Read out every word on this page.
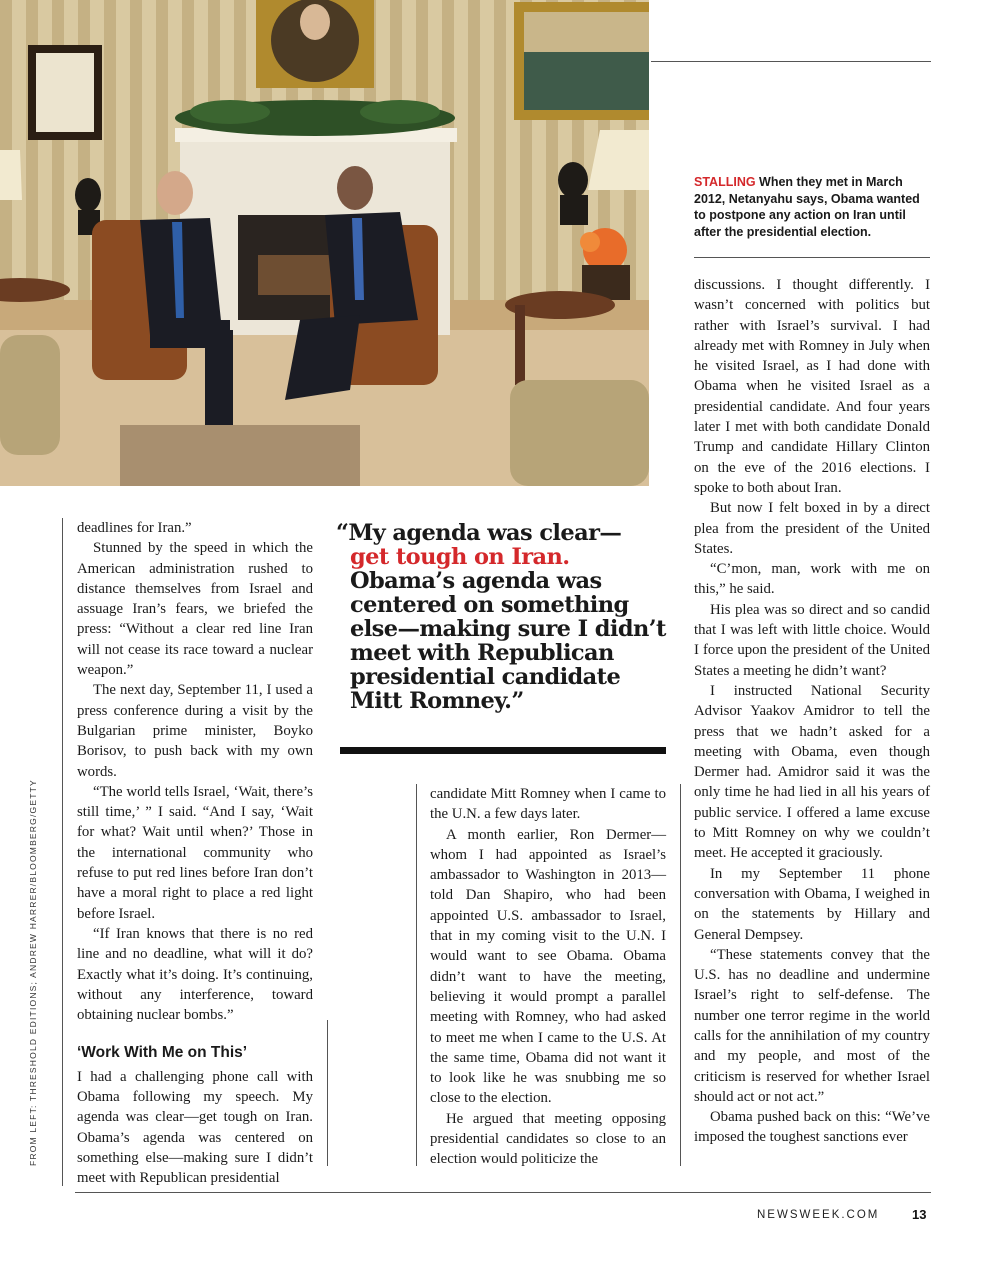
STALLING When they met in March 2012, Netanyahu says, Obama wanted to postpone any action on Iran until after the presidential election.

deadlines for Iran.”

Stunned by the speed in which the American administration rushed to distance themselves from Israel and assuage Iran’s fears, we briefed the press: “Without a clear red line Iran will not cease its race toward a nuclear weapon.”

The next day, September 11, I used a press conference during a visit by the Bulgarian prime minister, Boyko Borisov, to push back with my own words.

“The world tells Israel, ‘Wait, there’s still time,’ ” I said. “And I say, ‘Wait for what? Wait until when?’ Those in the international community who refuse to put red lines before Iran don’t have a moral right to place a red light before Israel.

“If Iran knows that there is no red line and no deadline, what will it do? Exactly what it’s doing. It’s continuing, without any interference, toward obtaining nuclear bombs.”

‘Work With Me on This’

I had a challenging phone call with Obama following my speech. My agenda was clear—get tough on Iran. Obama’s agenda was centered on something else—making sure I didn’t meet with Republican presidential

“My agenda was clear—
get tough on Iran.
Obama’s agenda was centered on something else—making sure I didn’t meet with Republican presidential candidate Mitt Romney.”

candidate Mitt Romney when I came to the U.N. a few days later.

A month earlier, Ron Dermer—whom I had appointed as Israel’s ambassador to Washington in 2013—told Dan Shapiro, who had been appointed U.S. ambassador to Israel, that in my coming visit to the U.N. I would want to see Obama. Obama didn’t want to have the meeting, believing it would prompt a parallel meeting with Romney, who had asked to meet me when I came to the U.S. At the same time, Obama did not want it to look like he was snubbing me so close to the election.

He argued that meeting opposing presidential candidates so close to an election would politicize the

discussions. I thought differently. I wasn’t concerned with politics but rather with Israel’s survival. I had already met with Romney in July when he visited Israel, as I had done with Obama when he visited Israel as a presidential candidate. And four years later I met with both candidate Donald Trump and candidate Hillary Clinton on the eve of the 2016 elections. I spoke to both about Iran.

But now I felt boxed in by a direct plea from the president of the United States.

“C’mon, man, work with me on this,” he said.

His plea was so direct and so candid that I was left with little choice. Would I force upon the president of the United States a meeting he didn’t want?

I instructed National Security Advisor Yaakov Amidror to tell the press that we hadn’t asked for a meeting with Obama, even though Dermer had. Amidror said it was the only time he had lied in all his years of public service. I offered a lame excuse to Mitt Romney on why we couldn’t meet. He accepted it graciously.

In my September 11 phone conversation with Obama, I weighed in on the statements by Hillary and General Dempsey.

“These statements convey that the U.S. has no deadline and undermine Israel’s right to self-defense. The number one terror regime in the world calls for the annihilation of my country and my people, and most of the criticism is reserved for whether Israel should act or not act.”

Obama pushed back on this: “We’ve imposed the toughest sanctions ever

FROM LEFT: THRESHOLD EDITIONS; ANDREW HARRER/BLOOMBERG/GETTY
NEWSWEEK.COM	13
